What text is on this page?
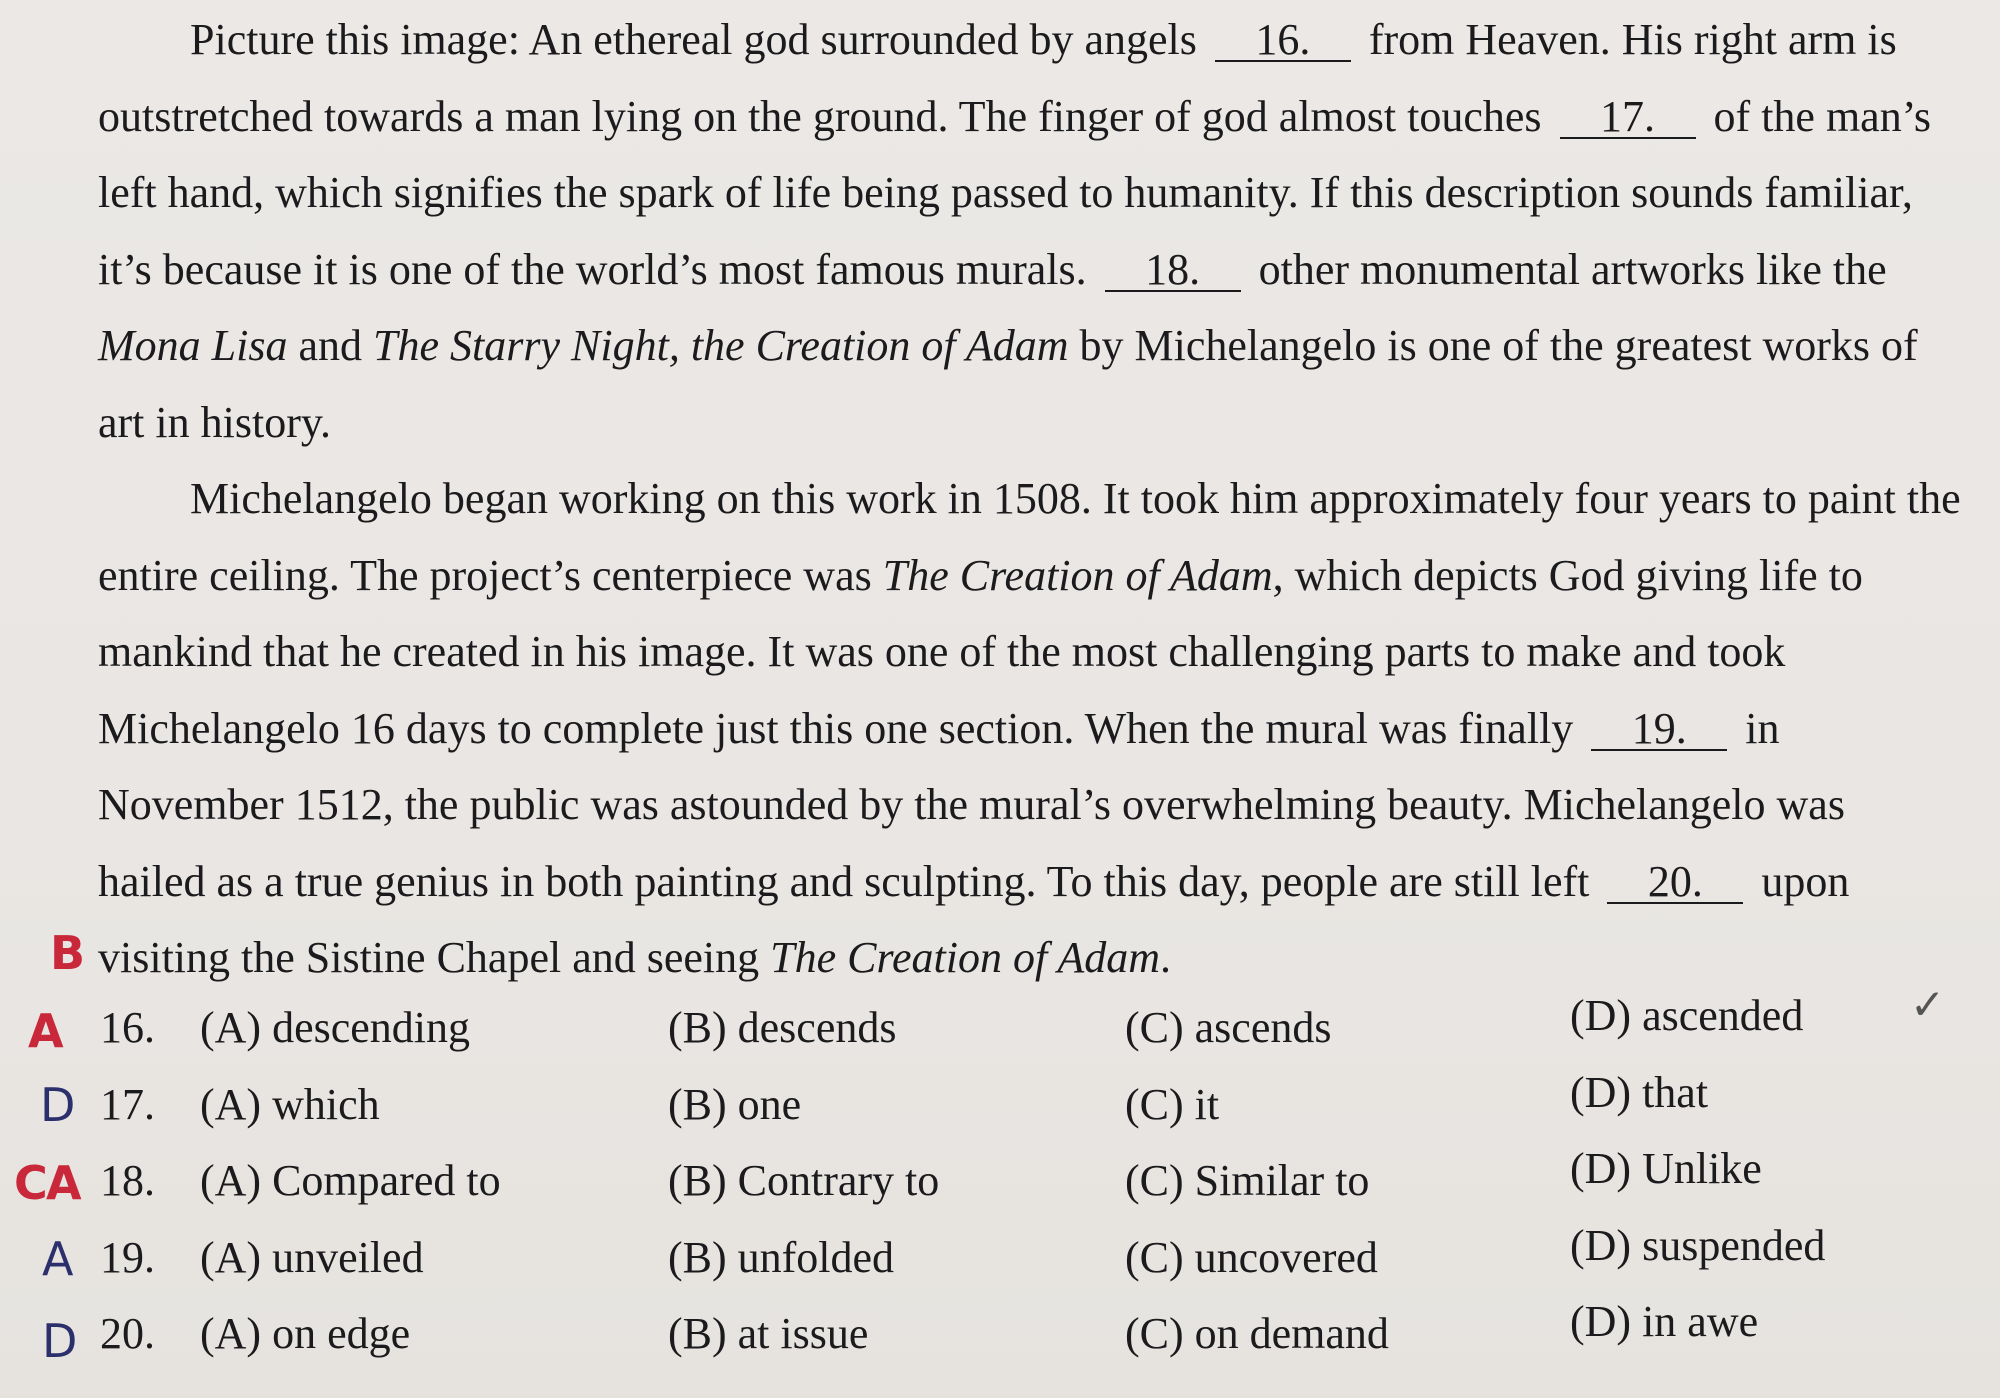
Picture this image: An ethereal god surrounded by angels 16. from Heaven. His right arm is
outstretched towards a man lying on the ground. The finger of god almost touches 17. of the man’s
left hand, which signifies the spark of life being passed to humanity. If this description sounds familiar,
it’s because it is one of the world’s most famous murals. 18. other monumental artworks like the
Mona Lisa and The Starry Night, the Creation of Adam by Michelangelo is one of the greatest works of
art in history.
Michelangelo began working on this work in 1508. It took him approximately four years to paint the
entire ceiling. The project’s centerpiece was The Creation of Adam, which depicts God giving life to
mankind that he created in his image. It was one of the most challenging parts to make and took
Michelangelo 16 days to complete just this one section. When the mural was finally 19. in
November 1512, the public was astounded by the mural’s overwhelming beauty. Michelangelo was
hailed as a true genius in both painting and sculpting. To this day, people are still left 20. upon
visiting the Sistine Chapel and seeing The Creation of Adam.
B
A
D
C
A
A
D
✓
16. (A) descending	(B) descends	(C) ascends	(D) ascended
17. (A) which	(B) one	(C) it	(D) that
18. (A) Compared to	(B) Contrary to	(C) Similar to	(D) Unlike
19. (A) unveiled	(B) unfolded	(C) uncovered	(D) suspended
20. (A) on edge	(B) at issue	(C) on demand	(D) in awe
